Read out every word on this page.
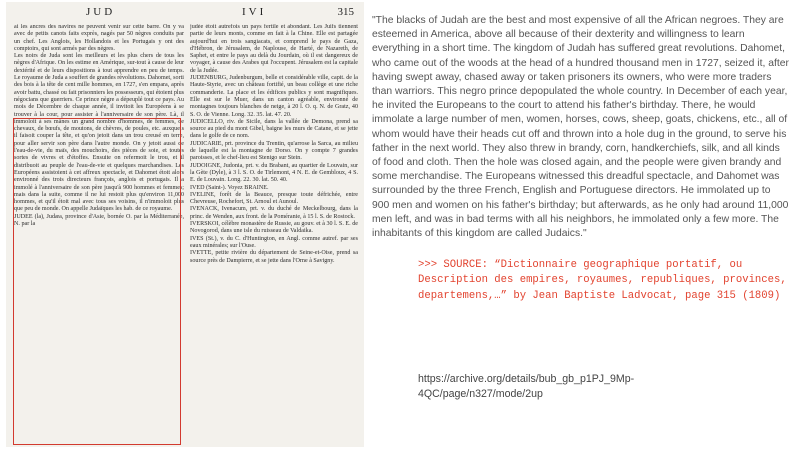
JUD	IVI	315

ai les ancres des navires ne peuvent venir sur cette barre. On y va avec de petits canots faits exprès, nagés par 50 nègres conduits par un chef. Les Anglois, les Hollandois et les Portugais y ont des comptoirs, qui sont armés par des nègres.

Les noirs de Juda sont les meilleurs et les plus chers de tous les nègres d'Afrique. On les estime en Amérique, sur-tout à cause de leur dextérité et de leurs dispositions à tout apprendre en peu de temps. Le royaume de Juda a souffert de grandes révolutions. Dahomet, sorti des bois à la tête de cent mille hommes, en 1727, s'en empara, après avoir battu, chassé ou fait prisonniers les possesseurs, qui étoient plus négocians que guerriers. Ce prince nègre a dépeuplé tout ce pays. Au mois de Décembre de chaque année, il invitoit les Européens à se trouver à la cour, pour assister à l'anniversaire de son père. Là, il immoloit à ses mânes un grand nombre d'hommes, de femmes, de chevaux, de bœufs, de moutons, de chèvres, de poules, etc. auxquels il faisoit couper la tête, et qu'on jetoit dans un trou creusé en terre, pour aller servir son père dans l'autre monde. On y jetoit aussi de l'eau-de-vie, du maïs, des mouchoirs, des pièces de soie, et toutes sortes de vivres et d'étoffes. Ensuite on refermoit le trou, et il distribuoit au peuple de l'eau-de-vie et quelques marchandises. Les Européens assistoient à cet affreux spectacle, et Dahomet étoit alors environné des trois directeurs françois, anglois et portugais. Il a immolé à l'anniversaire de son père jusqu'à 900 hommes et femmes; mais dans la suite, comme il ne lui restoit plus qu'environ 11,000 hommes, et qu'il étoit mal avec tous ses voisins, il n'immoloit plus que peu de monde. On appelle Judaïques les hab. de ce royaume.

JUDEE (la), Judæa, province d'Asie, bornée O. par la Méditerranée, N. par la

judée étoit autrefois un pays fertile et abondant. Les Juifs tiennent partie de leurs monts, comme en fait à la Chine. Elle est partagée aujourd'hui en trois sangiacats, et comprend le pays de Gaza, d'Hébron, de Jérusalem, de Naplouse, de Harté, de Nazareth, de Saphet, et entre le pays au delà du Jourdain, où il est dangereux de voyager, à cause des Arabes qui l'occupent. Jérusalem est la capitale de la Judée.

JUDENBURG, Judenburgum, belle et considérable ville, capit. de la Haute-Styrie, avec un château fortifié, un beau collège et une riche commanderie. La place et les édifices publics y sont magnifiques. Elle est sur le Muer, dans un canton agréable, environné de montagnes toujours blanches de neige, à 20 l. O. q. N. de Gratz, 40 S. O. de Vienne. Long. 32. 35. lat. 47. 20.

JUDICELLO, riv. de Sicile, dans la vallée de Demona, prend sa source au pied du mont Gibel, baigne les murs de Catane, et se jette dans le golfe de ce nom.

JUDICARIE, prt. province du Trentin, qu'arrose la Sarca, au milieu de laquelle est la montagne de Dorso. On y compte 7 grandes paroisses, et le chef-lieu est Stenigo sur Stein.

JUDOIGNE, Judonia, prt. v. du Brabant, au quartier de Louvain, sur la Gète (Dyle), à 3 l. S. O. de Tirlemont, 4 N. E. de Gembloux, 4 S. E. de Louvain. Long. 22. 30. lat. 50. 40.

IVED (Saint-). Voyez BRAINE.

IVELINE, forêt de la Beauce, presque toute défrichée, entre Chevreuse, Rochefort, St. Arnoul et Aunoul.

IVENACK, Ivenacum, prt. v. du duché de Meckelbourg, dans la princ. de Wenden, aux front. de la Poméranie, à 15 l. S. de Rostock.

IVERSKOI, célèbre monastère de Russie, au gouv. et à 30 l. S. E. de Novogorod, dans une isle du ruisseau de Valdaika.

IVES (St.), v. du C. d'Huntington, en Angl. comme autref. par ses eaux minérales; sur l'Ouse.

IVETTE, petite rivière du département de Seine-et-Oise, prend sa source près de Dampierre, et se jette dans l'Orne à Savigny.

"The blacks of Judah are the best and most expensive of all the African negroes. They are esteemed in America, above all because of their dexterity and willingness to learn everything in a short time. The kingdom of Judah has suffered great revolutions. Dahomet, who came out of the woods at the head of a hundred thousand men in 1727, seized it, after having swept away, chased away or taken prisoners its owners, who were more traders than warriors. This negro prince depopulated the whole country. In December of each year, he invited the Europeans to the court to attend his father's birthday. There, he would immolate a large number of men, women, horses, cows, sheep, goats, chickens, etc., all of whom would have their heads cut off and thrown into a hole dug in the ground, to serve his father in the next world. They also threw in brandy, corn, handkerchiefs, silk, and all kinds of food and cloth. Then the hole was closed again, and the people were given brandy and some merchandise. The Europeans witnessed this dreadful spectacle, and Dahomet was surrounded by the three French, English and Portuguese directors. He immolated up to 900 men and women on his father's birthday; but afterwards, as he only had around 11,000 men left, and was in bad terms with all his neighbors, he immolated only a few more. The inhabitants of this kingdom are called Judaics."

>>> SOURCE: “Dictionnaire geographique portatif, ou Description des empires, royaumes, republiques, provinces, departemens,…” by Jean Baptiste Ladvocat, page 315 (1809)

https://archive.org/details/bub_gb_p1PJ_9Mp-4QC/page/n327/mode/2up
